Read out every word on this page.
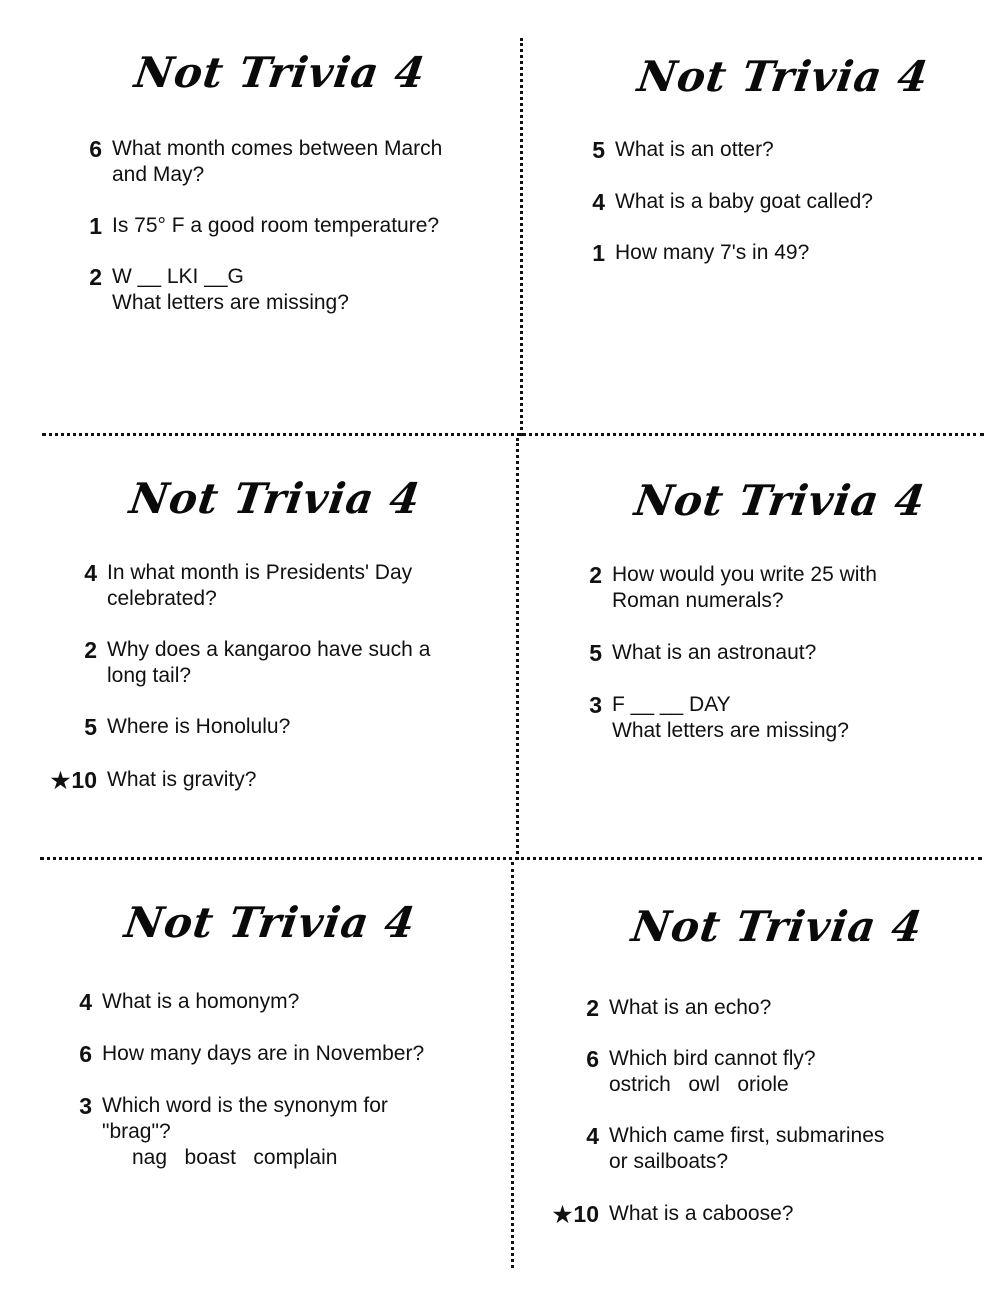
Not Trivia 4
6 What month comes between March
and May?
1 Is 75° F a good room temperature?
2 W __ LKI __G
What letters are missing?
Not Trivia 4
5 What is an otter?
4 What is a baby goat called?
1 How many 7's in 49?
Not Trivia 4
4 In what month is Presidents' Day
celebrated?
2 Why does a kangaroo have such a
long tail?
5 Where is Honolulu?
★10 What is gravity?
Not Trivia 4
2 How would you write 25 with
Roman numerals?
5 What is an astronaut?
3 F __ __ DAY
What letters are missing?
Not Trivia 4
4 What is a homonym?
6 How many days are in November?
3 Which word is the synonym for
"brag"?
nag   boast   complain
Not Trivia 4
2 What is an echo?
6 Which bird cannot fly?
ostrich   owl   oriole
4 Which came first, submarines
or sailboats?
★10 What is a caboose?
